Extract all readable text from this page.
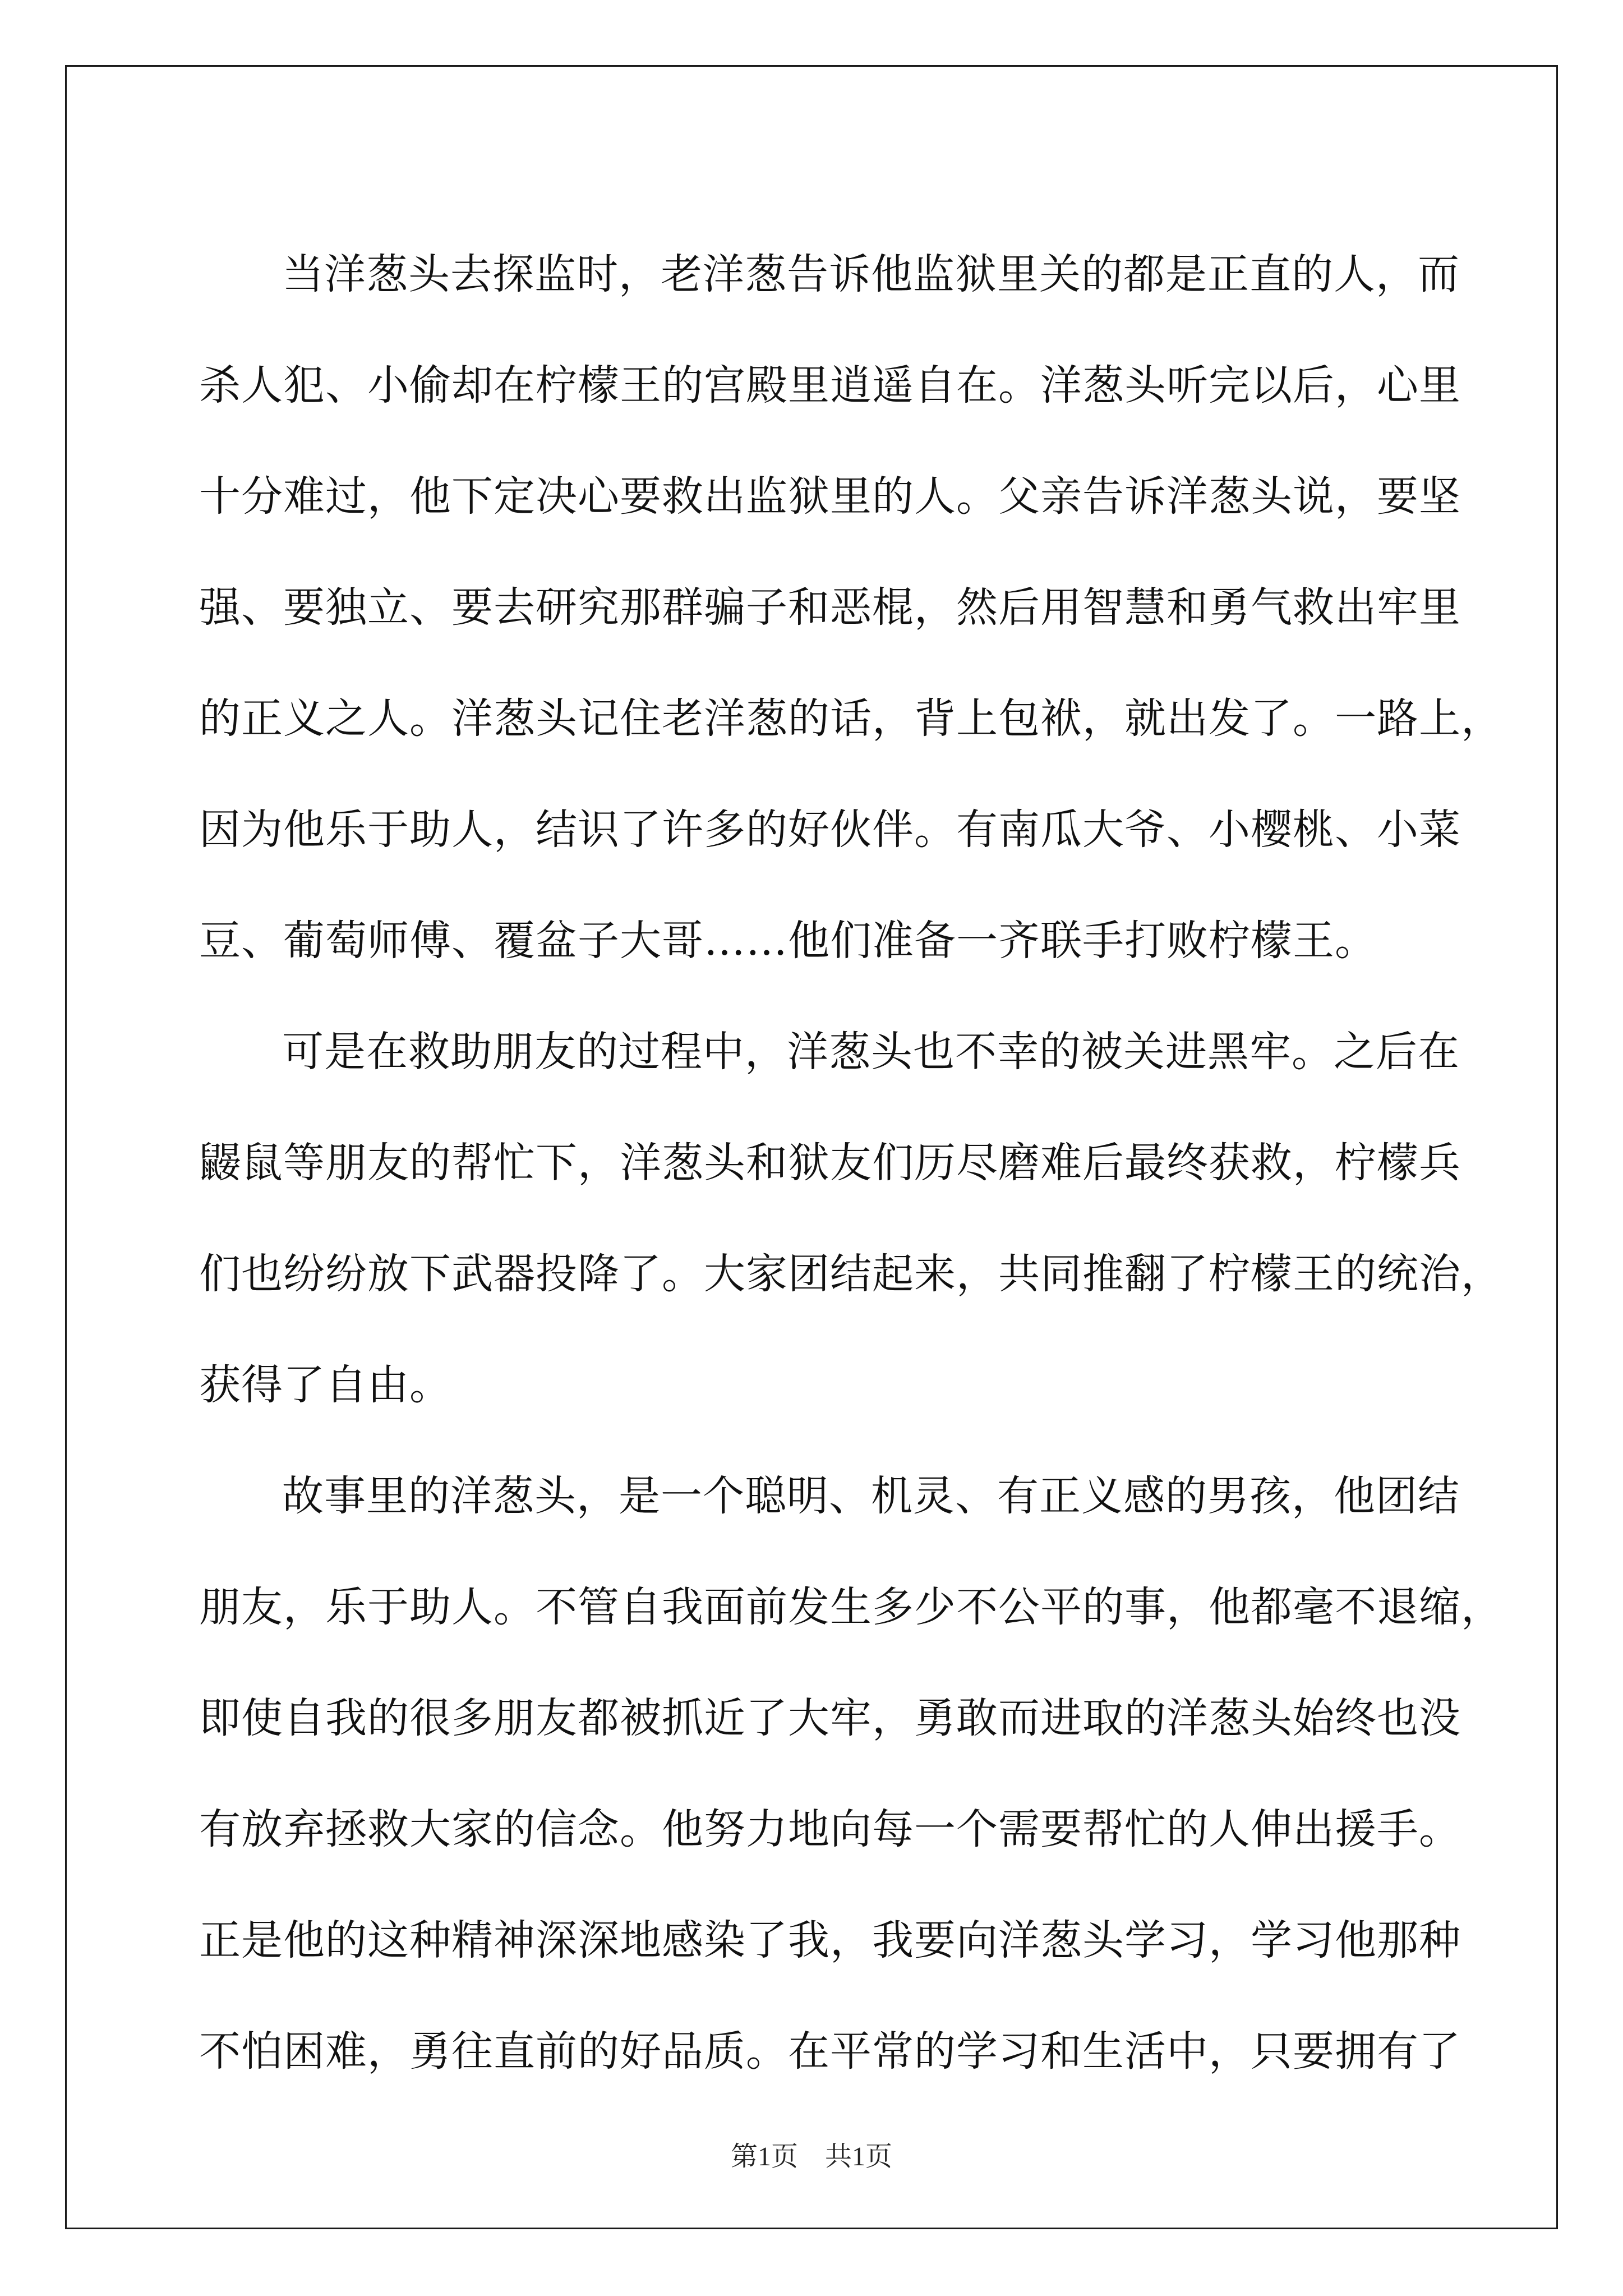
当洋葱头去探监时，老洋葱告诉他监狱里关的都是正直的人，而
杀人犯、小偷却在柠檬王的宫殿里逍遥自在。洋葱头听完以后，心里
十分难过，他下定决心要救出监狱里的人。父亲告诉洋葱头说，要坚
强、要独立、要去研究那群骗子和恶棍，然后用智慧和勇气救出牢里
的正义之人。洋葱头记住老洋葱的话，背上包袱，就出发了。一路上，
因为他乐于助人，结识了许多的好伙伴。有南瓜大爷、小樱桃、小菜
豆、葡萄师傅、覆盆子大哥……他们准备一齐联手打败柠檬王。
可是在救助朋友的过程中，洋葱头也不幸的被关进黑牢。之后在
鼹鼠等朋友的帮忙下，洋葱头和狱友们历尽磨难后最终获救，柠檬兵
们也纷纷放下武器投降了。大家团结起来，共同推翻了柠檬王的统治，
获得了自由。
故事里的洋葱头，是一个聪明、机灵、有正义感的男孩，他团结
朋友，乐于助人。不管自我面前发生多少不公平的事，他都毫不退缩，
即使自我的很多朋友都被抓近了大牢，勇敢而进取的洋葱头始终也没
有放弃拯救大家的信念。他努力地向每一个需要帮忙的人伸出援手。
正是他的这种精神深深地感染了我，我要向洋葱头学习，学习他那种
不怕困难，勇往直前的好品质。在平常的学习和生活中，只要拥有了
第1页　共1页
